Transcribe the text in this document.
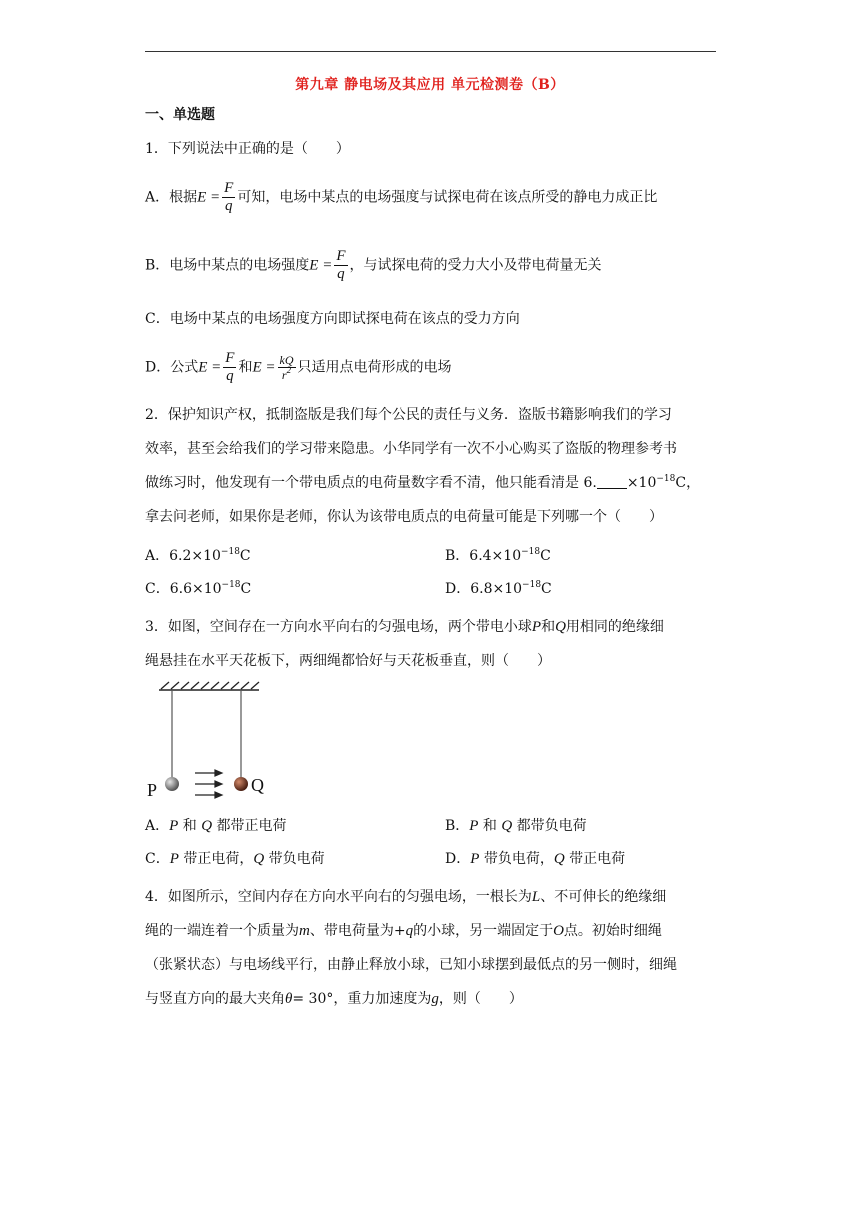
第九章 静电场及其应用 单元检测卷（B）
一、单选题
1．下列说法中正确的是（　　）
A．根据$E = \frac{F}{q}$ 可知，电场中某点的电场强度与试探电荷在该点所受的静电力成正比
B．电场中某点的电场强度$E = \frac{F}{q}$ ，与试探电荷的受力大小及带电荷量无关
C．电场中某点的电场强度方向即试探电荷在该点的受力方向
D．公式$E = \frac{F}{q}$ 和$E = \frac{kQ}{r^2}$ 只适用点电荷形成的电场
2．保护知识产权，抵制盗版是我们每个公民的责任与义务．盗版书籍影响我们的学习
效率，甚至会给我们的学习带来隐患。小华同学有一次不小心购买了盗版的物理参考书
做练习时，他发现有一个带电质点的电荷量数字看不清，他只能看清是 6. $\times 10^{-18}C$，
拿去问老师，如果你是老师，你认为该带电质点的电荷量可能是下列哪一个（　　）
A．$6.2\times 10^{-18}C$	B．$6.4\times 10^{-18}C$
C．$6.6\times 10^{-18}C$	D．$6.8\times 10^{-18}C$
3．如图，空间存在一方向水平向右的匀强电场，两个带电小球P和Q用相同的绝缘细
绳悬挂在水平天花板下，两细绳都恰好与天花板垂直，则（　　）
P	Q
A．P 和 Q 都带正电荷	B．P 和 Q 都带负电荷
C．P 带正电荷，Q 带负电荷	D．P 带负电荷，Q 带正电荷
4．如图所示，空间内存在方向水平向右的匀强电场，一根长为L、不可伸长的绝缘细
绳的一端连着一个质量为m、带电荷量为+q的小球，另一端固定于O点。初始时细绳
（张紧状态）与电场线平行，由静止释放小球，已知小球摆到最低点的另一侧时，细绳
与竖直方向的最大夹角θ= 30°，重力加速度为g，则（　　）
